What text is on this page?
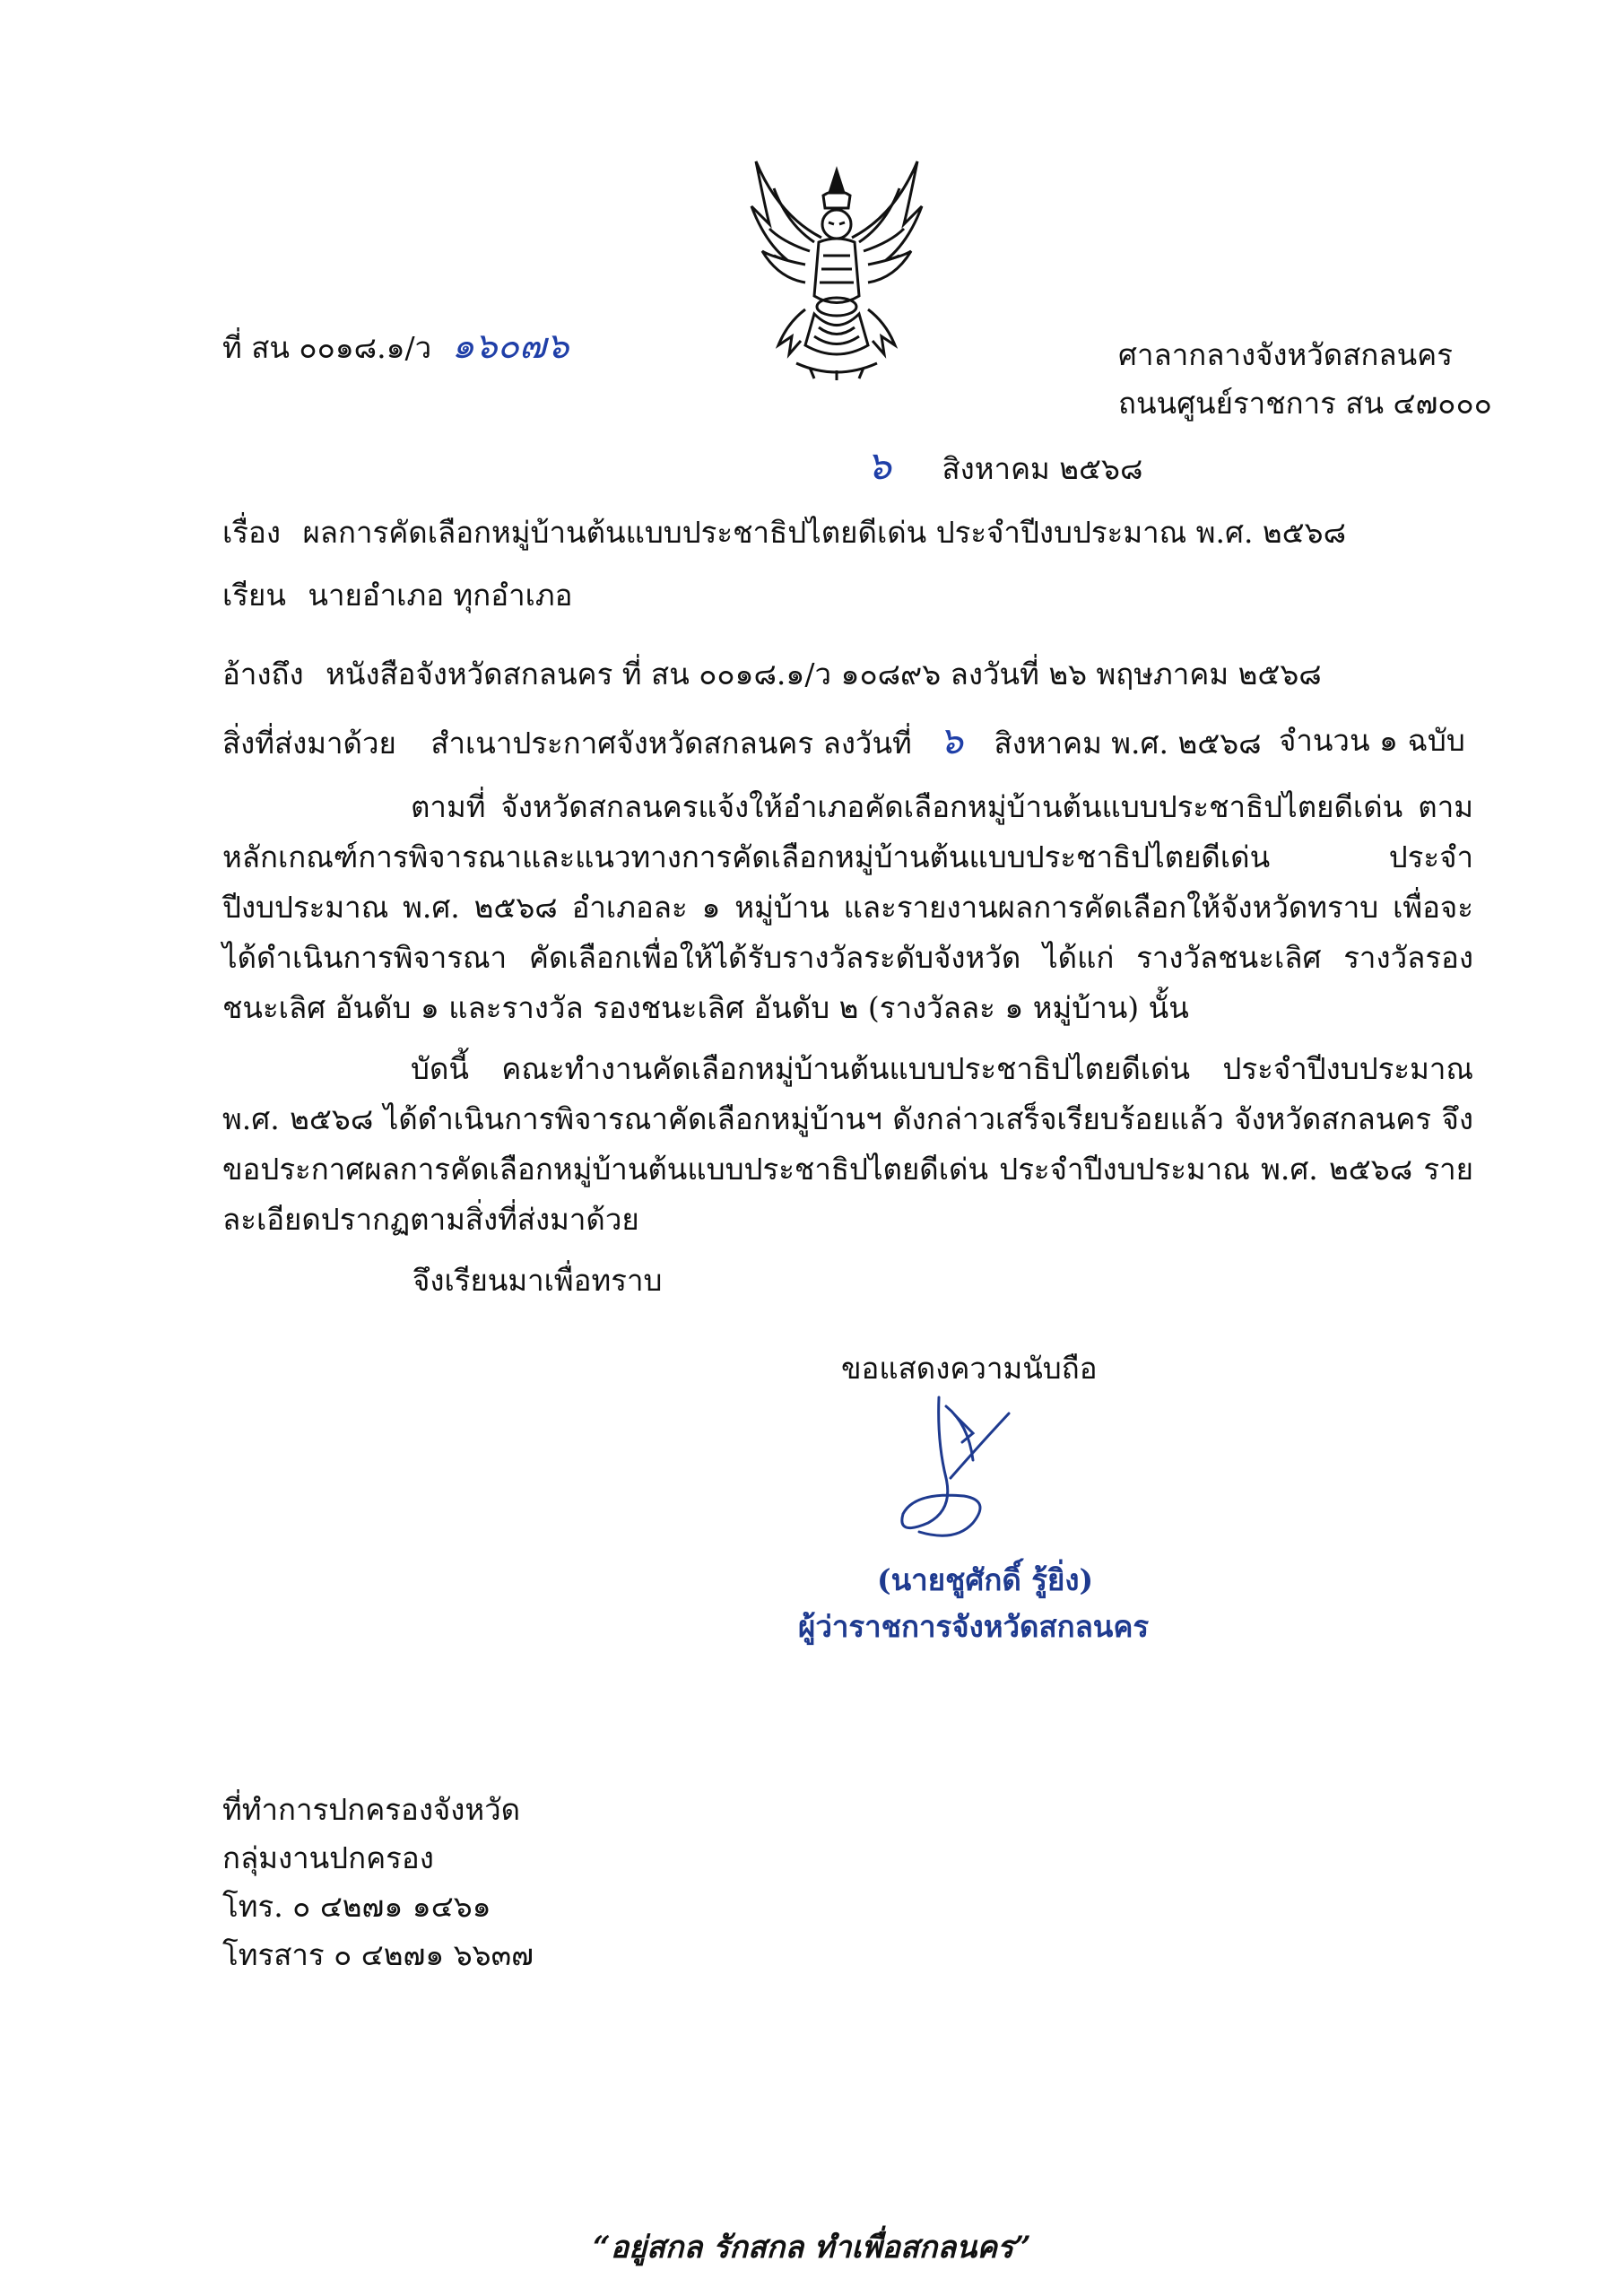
ที่ สน ๐๐๑๘.๑/ว ๑๖๐๗๖	ศาลากลางจังหวัดสกลนคร
ถนนศูนย์ราชการ สน ๔๗๐๐๐
๖ สิงหาคม ๒๕๖๘
เรื่อง ผลการคัดเลือกหมู่บ้านต้นแบบประชาธิปไตยดีเด่น ประจำปีงบประมาณ พ.ศ. ๒๕๖๘
เรียน นายอำเภอ ทุกอำเภอ
อ้างถึง หนังสือจังหวัดสกลนคร ที่ สน ๐๐๑๘.๑/ว ๑๐๘๙๖ ลงวันที่ ๒๖ พฤษภาคม ๒๕๖๘
สิ่งที่ส่งมาด้วย สำเนาประกาศจังหวัดสกลนคร ลงวันที่ ๖ สิงหาคม พ.ศ. ๒๕๖๘ จำนวน ๑ ฉบับ
ตามที่ จังหวัดสกลนครแจ้งให้อำเภอคัดเลือกหมู่บ้านต้นแบบประชาธิปไตยดีเด่น ตามหลักเกณฑ์การพิจารณาและแนวทางการคัดเลือกหมู่บ้านต้นแบบประชาธิปไตยดีเด่น ประจำปีงบประมาณ พ.ศ. ๒๕๖๘ อำเภอละ ๑ หมู่บ้าน และรายงานผลการคัดเลือกให้จังหวัดทราบ เพื่อจะได้ดำเนินการพิจารณา คัดเลือกเพื่อให้ได้รับรางวัลระดับจังหวัด ได้แก่ รางวัลชนะเลิศ รางวัลรองชนะเลิศ อันดับ ๑ และรางวัล รองชนะเลิศ อันดับ ๒ (รางวัลละ ๑ หมู่บ้าน) นั้น
บัดนี้ คณะทำงานคัดเลือกหมู่บ้านต้นแบบประชาธิปไตยดีเด่น ประจำปีงบประมาณ พ.ศ. ๒๕๖๘ ได้ดำเนินการพิจารณาคัดเลือกหมู่บ้านฯ ดังกล่าวเสร็จเรียบร้อยแล้ว จังหวัดสกลนคร จึงขอประกาศผลการคัดเลือกหมู่บ้านต้นแบบประชาธิปไตยดีเด่น ประจำปีงบประมาณ พ.ศ. ๒๕๖๘ รายละเอียดปรากฏตามสิ่งที่ส่งมาด้วย
จึงเรียนมาเพื่อทราบ
ขอแสดงความนับถือ
(นายชูศักดิ์ รู้ยิ่ง)
ผู้ว่าราชการจังหวัดสกลนคร
ที่ทำการปกครองจังหวัด
กลุ่มงานปกครอง
โทร. ๐ ๔๒๗๑ ๑๔๖๑
โทรสาร ๐ ๔๒๗๑ ๖๖๓๗
“อยู่สกล รักสกล ทำเพื่อสกลนคร”
